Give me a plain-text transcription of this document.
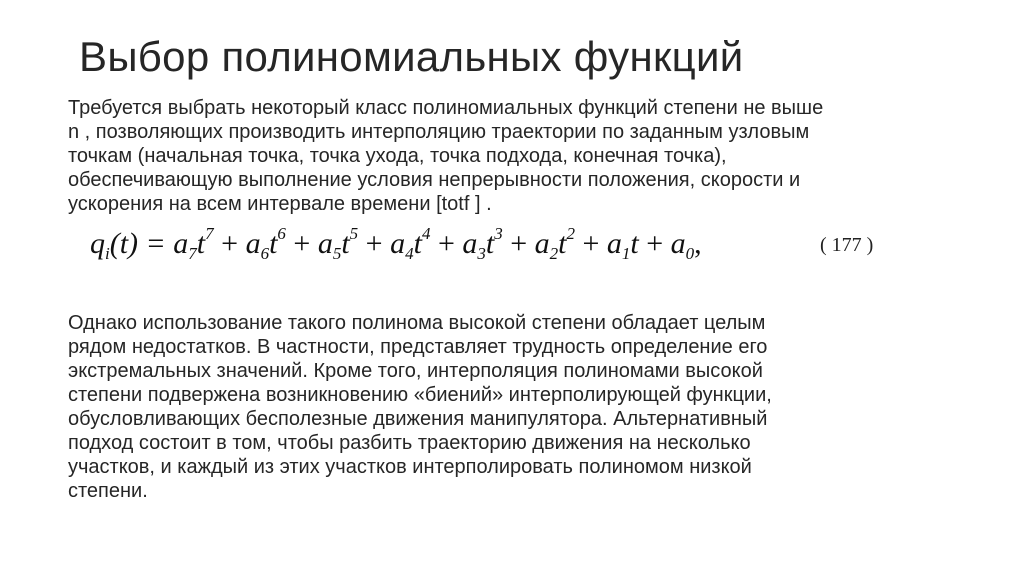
Выбор полиномиальных функций
Требуется выбрать некоторый класс полиномиальных функций степени не выше
n , позволяющих производить интерполяцию траектории по заданным узловым
точкам (начальная точка, точка ухода, точка подхода, конечная точка),
обеспечивающую выполнение условия непрерывности положения, скорости и
ускорения на всем интервале времени [totf ] .
$q_i(t) = a_7t^7 + a_6t^6 + a_5t^5 + a_4t^4 + a_3t^3 + a_2t^2 + a_1t + a_0$,	( 177 )
Однако использование такого полинома высокой степени обладает целым
рядом недостатков. В частности, представляет трудность определение его
экстремальных значений. Кроме того, интерполяция полиномами высокой
степени подвержена возникновению «биений» интерполирующей функции,
обусловливающих бесполезные движения манипулятора. Альтернативный
подход состоит в том, чтобы разбить траекторию движения на несколько
участков, и каждый из этих участков интерполировать полиномом низкой
степени.
